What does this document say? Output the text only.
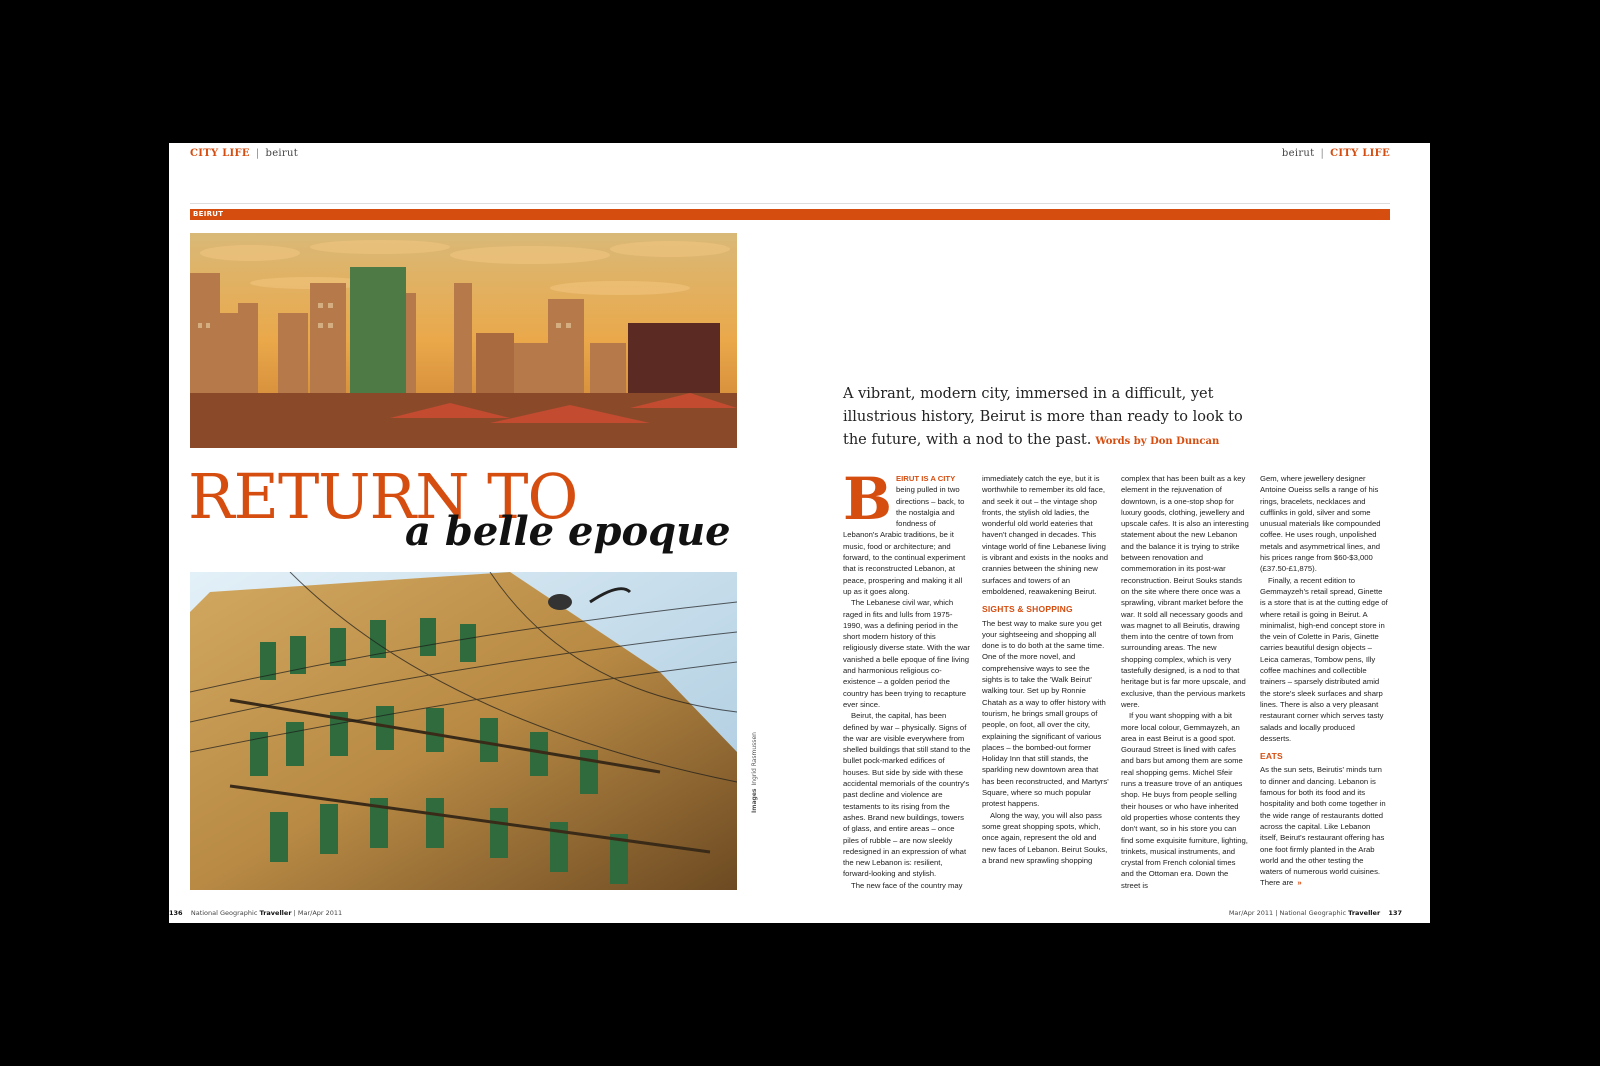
CITY LIFE | beirut	beirut | CITY LIFE
BEIRUT
RETURN TO
a belle epoque
ImagesIngrid Rasmussen
A vibrant, modern city, immersed in a difficult, yet illustrious history, Beirut is more than ready to look to the future, with a nod to the past. Words by Don Duncan

BEIRUT IS A CITY being pulled in two directions – back, to the nostalgia and fondness of Lebanon's Arabic traditions, be it music, food or architecture; and forward, to the continual experiment that is reconstructed Lebanon, at peace, prospering and making it all up as it goes along.

The Lebanese civil war, which raged in fits and lulls from 1975-1990, was a defining period in the short modern history of this religiously diverse state. With the war vanished a belle epoque of fine living and harmonious religious co-existence – a golden period the country has been trying to recapture ever since.

Beirut, the capital, has been defined by war – physically. Signs of the war are visible everywhere from shelled buildings that still stand to the bullet pock-marked edifices of houses. But side by side with these accidental memorials of the country's past decline and violence are testaments to its rising from the ashes. Brand new buildings, towers of glass, and entire areas – once piles of rubble – are now sleekly redesigned in an expression of what the new Lebanon is: resilient, forward-looking and stylish.

The new face of the country may

immediately catch the eye, but it is worthwhile to remember its old face, and seek it out – the vintage shop fronts, the stylish old ladies, the wonderful old world eateries that haven't changed in decades. This vintage world of fine Lebanese living is vibrant and exists in the nooks and crannies between the shining new surfaces and towers of an emboldened, reawakening Beirut.

SIGHTS & SHOPPING

The best way to make sure you get your sightseeing and shopping all done is to do both at the same time. One of the more novel, and comprehensive ways to see the sights is to take the 'Walk Beirut' walking tour. Set up by Ronnie Chatah as a way to offer history with tourism, he brings small groups of people, on foot, all over the city, explaining the significant of various places – the bombed-out former Holiday Inn that still stands, the sparkling new downtown area that has been reconstructed, and Martyrs' Square, where so much popular protest happens.

Along the way, you will also pass some great shopping spots, which, once again, represent the old and new faces of Lebanon. Beirut Souks, a brand new sprawling shopping

complex that has been built as a key element in the rejuvenation of downtown, is a one-stop shop for luxury goods, clothing, jewellery and upscale cafes. It is also an interesting statement about the new Lebanon and the balance it is trying to strike between renovation and commemoration in its post-war reconstruction. Beirut Souks stands on the site where there once was a sprawling, vibrant market before the war. It sold all necessary goods and was magnet to all Beirutis, drawing them into the centre of town from surrounding areas. The new shopping complex, which is very tastefully designed, is a nod to that heritage but is far more upscale, and exclusive, than the pervious markets were.

If you want shopping with a bit more local colour, Gemmayzeh, an area in east Beirut is a good spot. Gouraud Street is lined with cafes and bars but among them are some real shopping gems. Michel Sfeir runs a treasure trove of an antiques shop. He buys from people selling their houses or who have inherited old properties whose contents they don't want, so in his store you can find some exquisite furniture, lighting, trinkets, musical instruments, and crystal from French colonial times and the Ottoman era. Down the street is

Gem, where jewellery designer Antoine Oueiss sells a range of his rings, bracelets, necklaces and cufflinks in gold, silver and some unusual materials like compounded coffee. He uses rough, unpolished metals and asymmetrical lines, and his prices range from $60-$3,000 (£37.50-£1,875).

Finally, a recent edition to Gemmayzeh's retail spread, Ginette is a store that is at the cutting edge of where retail is going in Beirut. A minimalist, high-end concept store in the vein of Colette in Paris, Ginette carries beautiful design objects – Leica cameras, Tombow pens, Illy coffee machines and collectible trainers – sparsely distributed amid the store's sleek surfaces and sharp lines. There is also a very pleasant restaurant corner which serves tasty salads and locally produced desserts.

EATS

As the sun sets, Beirutis' minds turn to dinner and dancing. Lebanon is famous for both its food and its hospitality and both come together in the wide range of restaurants dotted across the capital. Like Lebanon itself, Beirut's restaurant offering has one foot firmly planted in the Arab world and the other testing the waters of numerous world cuisines. There are »

136 National Geographic Traveller | Mar/Apr 2011	Mar/Apr 2011 | National Geographic Traveller 137
